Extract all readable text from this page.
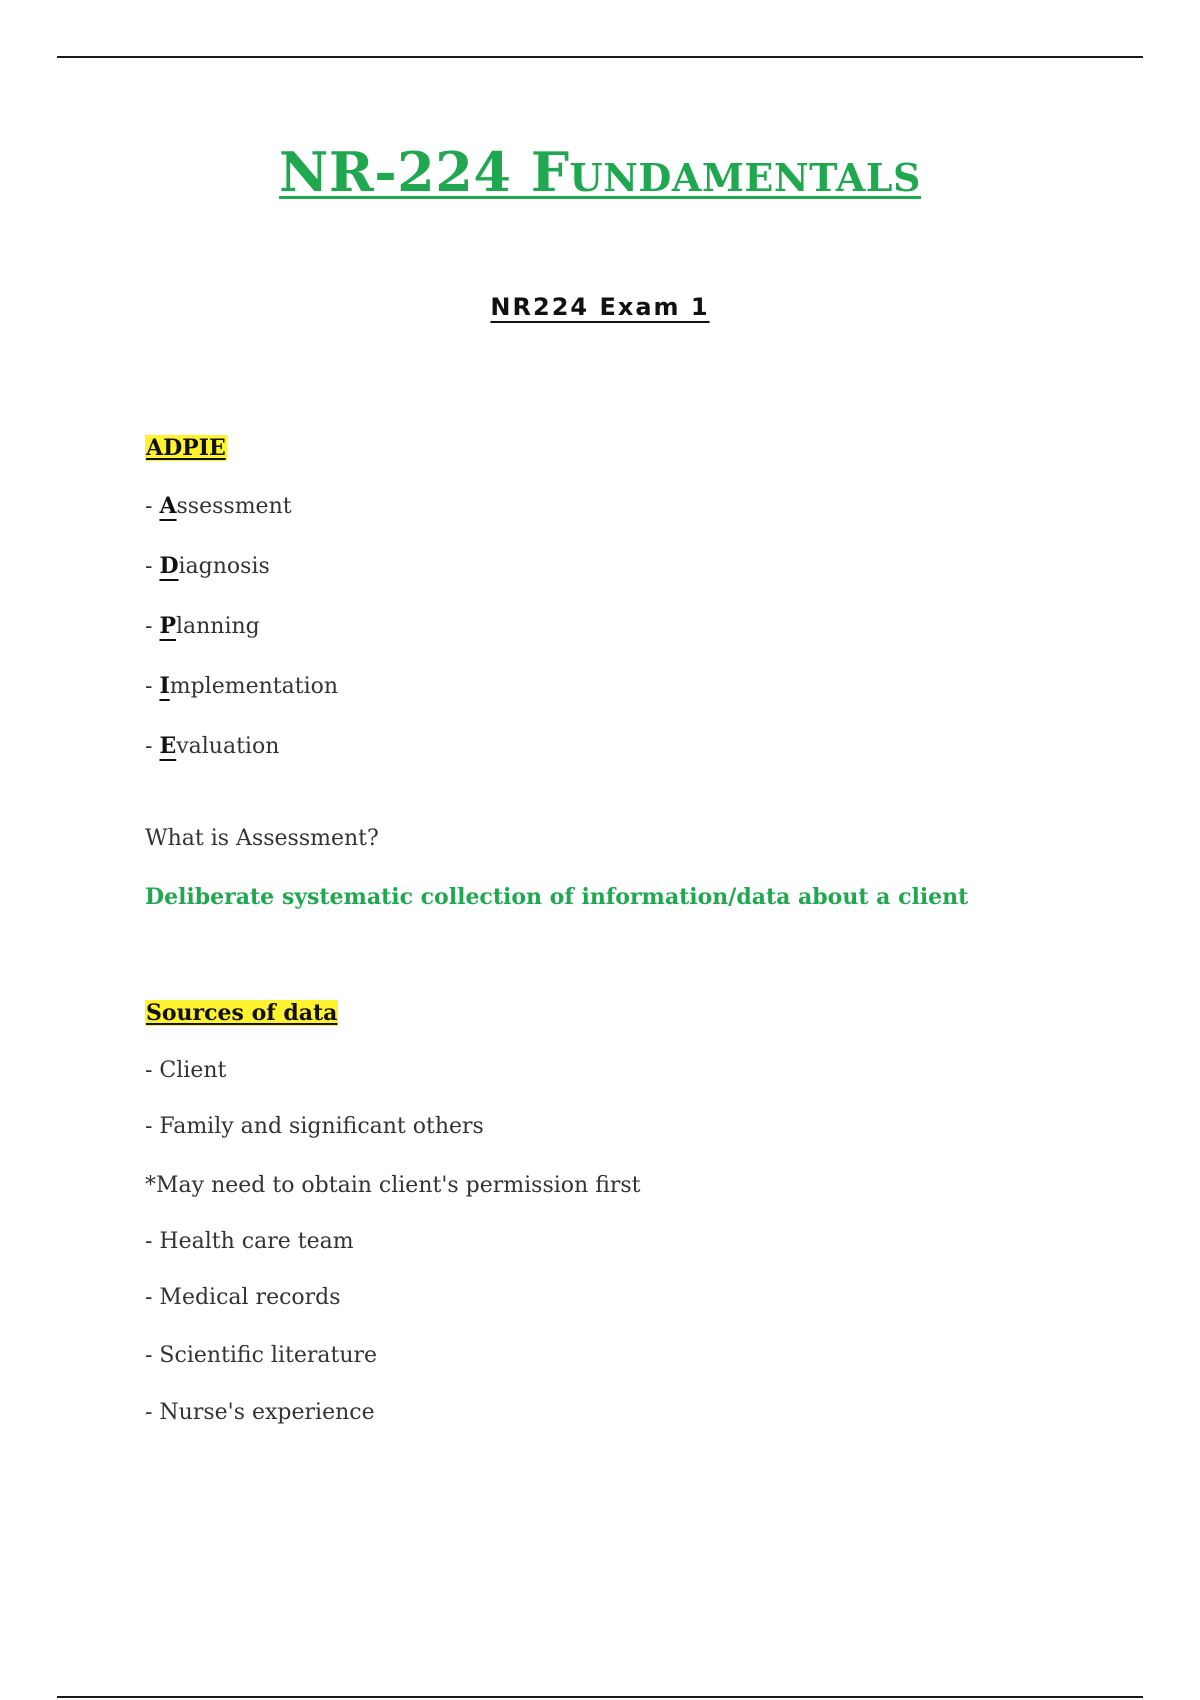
NR-224 Fundamentals
NR224 Exam 1
ADPIE
- Assessment
- Diagnosis
- Planning
- Implementation
- Evaluation
What is Assessment?
Deliberate systematic collection of information/data about a client
Sources of data
- Client
- Family and significant others
*May need to obtain client's permission first
- Health care team
- Medical records
- Scientific literature
- Nurse's experience
